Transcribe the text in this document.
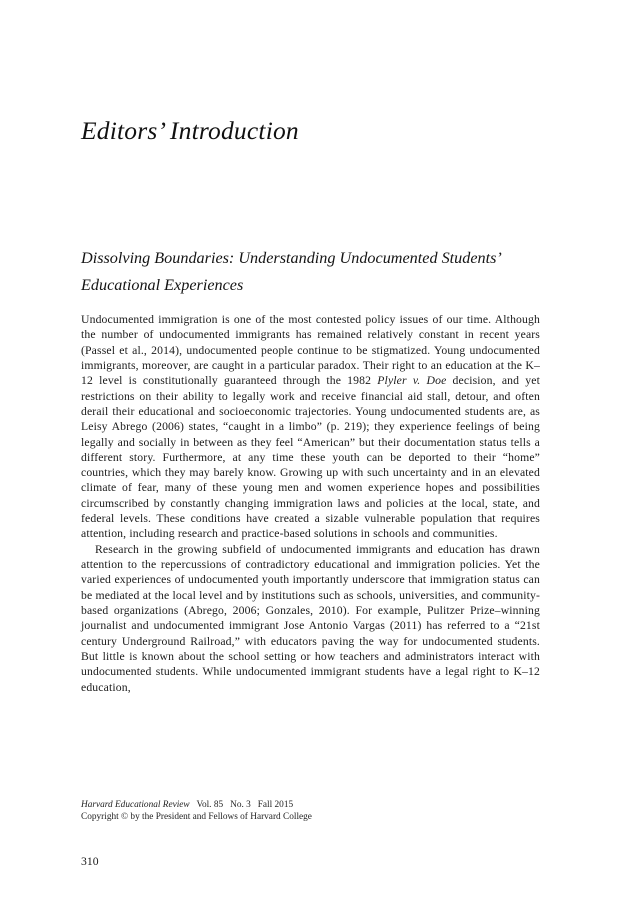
Editors’ Introduction
Dissolving Boundaries: Understanding Undocumented Students’ Educational Experiences

Undocumented immigration is one of the most contested policy issues of our time. Although the number of undocumented immigrants has remained relatively constant in recent years (Passel et al., 2014), undocumented people continue to be stigmatized. Young undocumented immigrants, moreover, are caught in a particular paradox. Their right to an education at the K–12 level is constitutionally guaranteed through the 1982 Plyler v. Doe decision, and yet restrictions on their ability to legally work and receive financial aid stall, detour, and often derail their educational and socioeconomic trajectories. Young undocumented students are, as Leisy Abrego (2006) states, “caught in a limbo” (p. 219); they experience feelings of being legally and socially in between as they feel “American” but their documentation status tells a different story. Furthermore, at any time these youth can be deported to their “home” countries, which they may barely know. Growing up with such uncertainty and in an elevated climate of fear, many of these young men and women experience hopes and possibilities circumscribed by constantly changing immigration laws and policies at the local, state, and federal levels. These conditions have created a sizable vulnerable population that requires attention, including research and practice-based solutions in schools and communities.

Research in the growing subfield of undocumented immigrants and education has drawn attention to the repercussions of contradictory educational and immigration policies. Yet the varied experiences of undocumented youth importantly underscore that immigration status can be mediated at the local level and by institutions such as schools, universities, and community-based organizations (Abrego, 2006; Gonzales, 2010). For example, Pulitzer Prize–winning journalist and undocumented immigrant Jose Antonio Vargas (2011) has referred to a “21st century Underground Railroad,” with educators paving the way for undocumented students. But little is known about the school setting or how teachers and administrators interact with undocumented students. While undocumented immigrant students have a legal right to K–12 education,

Harvard Educational Review Vol. 85   No. 3   Fall 2015

Copyright © by the President and Fellows of Harvard College

310
